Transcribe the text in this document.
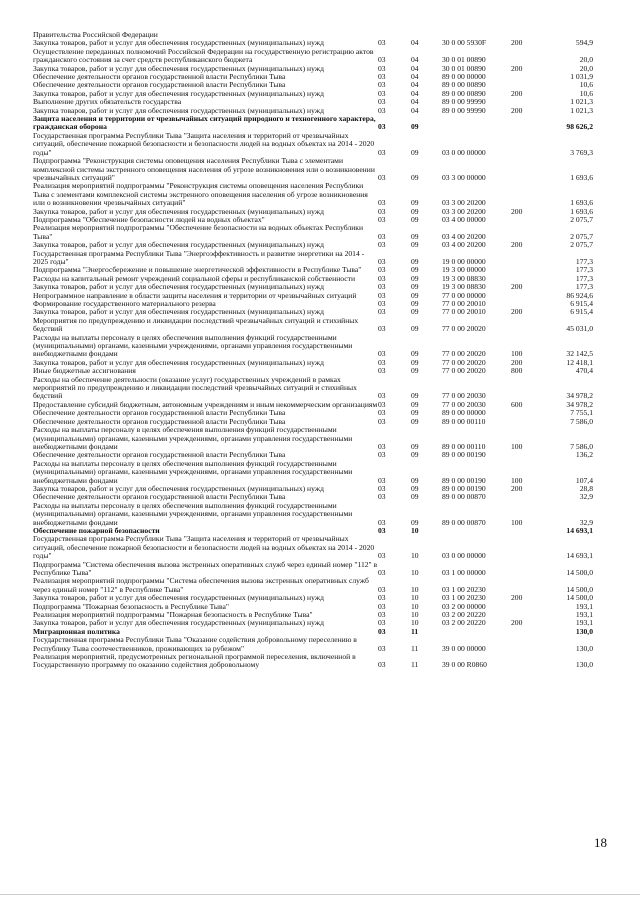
Правительства Российской Федерации					
Закупка товаров, работ и услуг для обеспечения государственных (муниципальных) нужд	03	04	30 0 00 5930F	200	594,9
Осуществление переданных полномочий Российской Федерации на государственную регистрацию актов гражданского состояния за счет средств республиканского бюджета	03	04	30 0 01 00890		20,0
Закупка товаров, работ и услуг для обеспечения государственных (муниципальных) нужд	03	04	30 0 01 00890	200	20,0
Обеспечение деятельности органов государственной власти Республики Тыва	03	04	89 0 00 00000		1 031,9
Обеспечение деятельности органов государственной власти Республики Тыва	03	04	89 0 00 00890		10,6
Закупка товаров, работ и услуг для обеспечения государственных (муниципальных) нужд	03	04	89 0 00 00890	200	10,6
Выполнение других обязательств государства	03	04	89 0 00 99990		1 021,3
Закупка товаров, работ и услуг для обеспечения государственных (муниципальных) нужд	03	04	89 0 00 99990	200	1 021,3
Защита населения и территории от чрезвычайных ситуаций природного и техногенного характера, гражданская оборона	03	09			98 626,2
Государственная программа Республики Тыва "Защита населения и территорий от чрезвычайных ситуаций, обеспечение пожарной безопасности и безопасности людей на водных объектах на 2014 - 2020 годы"	03	09	03 0 00 00000		3 769,3
Подпрограмма "Реконструкция системы оповещения населения Республики Тыва с элементами комплексной системы экстренного оповещения населения об угрозе возникновения или о возникновении чрезвычайных ситуаций"	03	09	03 3 00 00000		1 693,6
Реализация мероприятий подпрограммы "Реконструкция системы оповещения населения Республики Тыва с элементами комплексной системы экстренного оповещения населения об угрозе возникновения или о возникновении чрезвычайных ситуаций"	03	09	03 3 00 20200		1 693,6
Закупка товаров, работ и услуг для обеспечения государственных (муниципальных) нужд	03	09	03 3 00 20200	200	1 693,6
Подпрограмма "Обеспечение безопасности людей на водных объектах"	03	09	03 4 00 00000		2 075,7
Реализация мероприятий подпрограммы "Обеспечение безопасности на водных объектах Республики Тыва"	03	09	03 4 00 20200		2 075,7
Закупка товаров, работ и услуг для обеспечения государственных (муниципальных) нужд	03	09	03 4 00 20200	200	2 075,7
Государственная программа Республики Тыва "Энергоэффективность и развитие энергетики на 2014 - 2025 годы"	03	09	19 0 00 00000		177,3
Подпрограмма "Энергосбережение и повышение энергетической эффективности в Республике Тыва"	03	09	19 3 00 00000		177,3
Расходы на капитальный ремонт учреждений социальной сферы и республиканской собственности	03	09	19 3 00 08830		177,3
Закупка товаров, работ и услуг для обеспечения государственных (муниципальных) нужд	03	09	19 3 00 08830	200	177,3
Непрограммное направление в области защиты населения и территории от чрезвычайных ситуаций	03	09	77 0 00 00000		86 924,6
Формирование государственного материального резерва	03	09	77 0 00 20010		6 915,4
Закупка товаров, работ и услуг для обеспечения государственных (муниципальных) нужд	03	09	77 0 00 20010	200	6 915,4
Мероприятия по предупреждению и ликвидации последствий чрезвычайных ситуаций и стихийных бедствий	03	09	77 0 00 20020		45 031,0
Расходы на выплаты персоналу в целях обеспечения выполнения функций государственными (муниципальными) органами, казенными учреждениями, органами управления государственными внебюджетными фондами	03	09	77 0 00 20020	100	32 142,5
Закупка товаров, работ и услуг для обеспечения государственных (муниципальных) нужд	03	09	77 0 00 20020	200	12 418,1
Иные бюджетные ассигнования	03	09	77 0 00 20020	800	470,4
Расходы на обеспечение деятельности (оказание услуг) государственных учреждений в рамках мероприятий по предупреждению и ликвидации последствий чрезвычайных ситуаций и стихийных бедствий	03	09	77 0 00 20030		34 978,2
Предоставление субсидий бюджетным, автономным учреждениям и иным некоммерческим организациям	03	09	77 0 00 20030	600	34 978,2
Обеспечение деятельности органов государственной власти Республики Тыва	03	09	89 0 00 00000		7 755,1
Обеспечение деятельности органов государственной власти Республики Тыва	03	09	89 0 00 00110		7 586,0
Расходы на выплаты персоналу в целях обеспечения выполнения функций государственными (муниципальными) органами, казенными учреждениями, органами управления государственными внебюджетными фондами	03	09	89 0 00 00110	100	7 586,0
Обеспечение деятельности органов государственной власти Республики Тыва	03	09	89 0 00 00190		136,2
Расходы на выплаты персоналу в целях обеспечения выполнения функций государственными (муниципальными) органами, казенными учреждениями, органами управления государственными внебюджетными фондами	03	09	89 0 00 00190	100	107,4
Закупка товаров, работ и услуг для обеспечения государственных (муниципальных) нужд	03	09	89 0 00 00190	200	28,8
Обеспечение деятельности органов государственной власти Республики Тыва	03	09	89 0 00 00870		32,9
Расходы на выплаты персоналу в целях обеспечения выполнения функций государственными (муниципальными) органами, казенными учреждениями, органами управления государственными внебюджетными фондами	03	09	89 0 00 00870	100	32,9
Обеспечение пожарной безопасности	03	10			14 693,1
Государственная программа Республики Тыва "Защита населения и территорий от чрезвычайных ситуаций, обеспечение пожарной безопасности и безопасности людей на водных объектах на 2014 - 2020 годы"	03	10	03 0 00 00000		14 693,1
Подпрограмма "Система обеспечения вызова экстренных оперативных служб через единый номер "112" в Республике Тыва"	03	10	03 1 00 00000		14 500,0
Реализация мероприятий подпрограммы "Система обеспечения вызова экстренных оперативных служб через единый номер "112" в Республике Тыва"	03	10	03 1 00 20230		14 500,0
Закупка товаров, работ и услуг для обеспечения государственных (муниципальных) нужд	03	10	03 1 00 20230	200	14 500,0
Подпрограмма "Пожарная безопасность в Республике Тыва"	03	10	03 2 00 00000		193,1
Реализация мероприятий подпрограммы "Пожарная безопасность в Республике Тыва"	03	10	03 2 00 20220		193,1
Закупка товаров, работ и услуг для обеспечения государственных (муниципальных) нужд	03	10	03 2 00 20220	200	193,1
Миграционная политика	03	11			130,0
Государственная программа Республики Тыва "Оказание содействия добровольному переселению в Республику Тыва соотечественников, проживающих за рубежом"	03	11	39 0 00 00000		130,0
Реализация мероприятий, предусмотренных региональной программой переселения, включенной в Государственную программу по оказанию содействия добровольному	03	11	39 0 00 R0860		130,0
18
